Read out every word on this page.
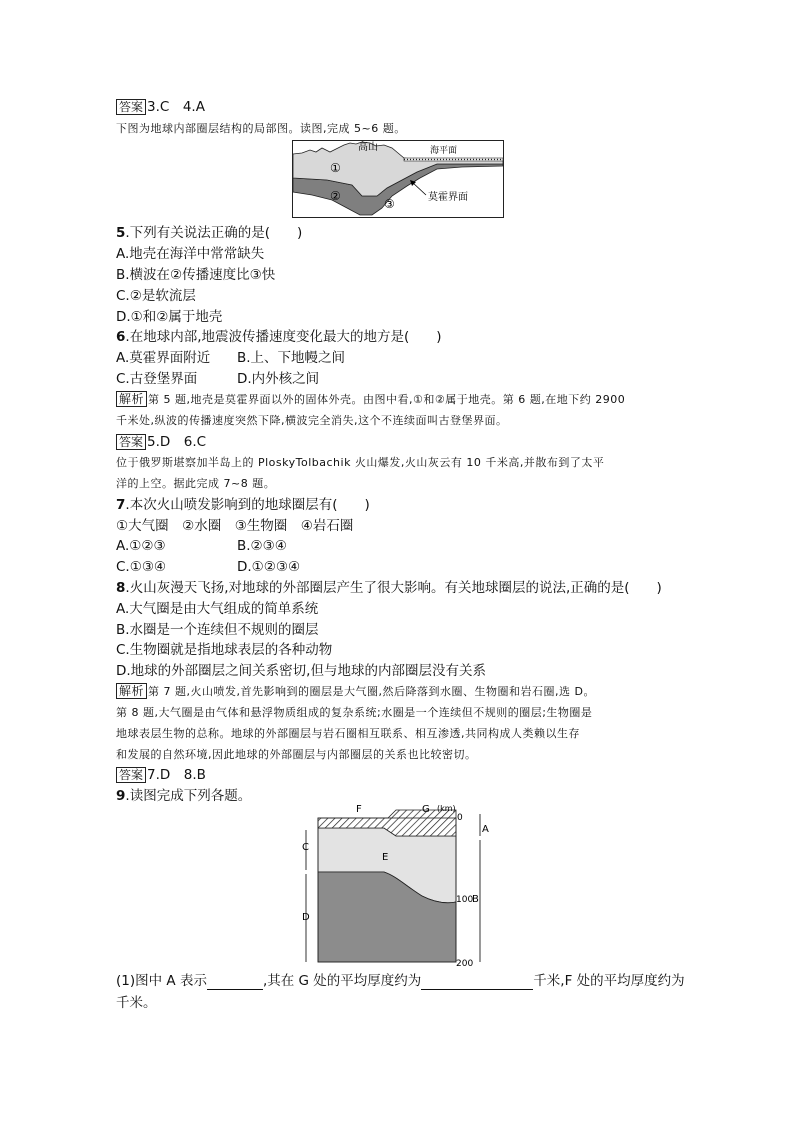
答案 3.C　4.A
下图为地球内部圈层结构的局部图。读图,完成 5~6 题。
高山	海平面
莫霍界面
①
②
③
5.下列有关说法正确的是(　　)
A.地壳在海洋中常常缺失
B.横波在②传播速度比③快
C.②是软流层
D.①和②属于地壳
6.在地球内部,地震波传播速度变化最大的地方是(　　)
A.莫霍界面附近 B.上、下地幔之间
C.古登堡界面	D.内外核之间
解析 第 5 题,地壳是莫霍界面以外的固体外壳。由图中看,①和②属于地壳。第 6 题,在地下约 2900
千米处,纵波的传播速度突然下降,横波完全消失,这个不连续面叫古登堡界面。
答案 5.D　6.C
位于俄罗斯堪察加半岛上的 PloskyTolbachik 火山爆发,火山灰云有 10 千米高,并散布到了太平
洋的上空。据此完成 7~8 题。
7.本次火山喷发影响到的地球圈层有(　　)
①大气圈　②水圈　③生物圈　④岩石圈
A.①②③	B.②③④
C.①③④	D.①②③④
8.火山灰漫天飞扬,对地球的外部圈层产生了很大影响。有关地球圈层的说法,正确的是(　　)
A.大气圈是由大气组成的简单系统
B.水圈是一个连续但不规则的圈层
C.生物圈就是指地球表层的各种动物
D.地球的外部圈层之间关系密切,但与地球的内部圈层没有关系
解析 第 7 题,火山喷发,首先影响到的圈层是大气圈,然后降落到水圈、生物圈和岩石圈,选 D。
第 8 题,大气圈是由气体和悬浮物质组成的复杂系统;水圈是一个连续但不规则的圈层;生物圈是
地球表层生物的总称。地球的外部圈层与岩石圈相互联系、相互渗透,共同构成人类赖以生存
和发展的自然环境,因此地球的外部圈层与内部圈层的关系也比较密切。
答案 7.D　8.B
9.读图完成下列各题。
F	G (km)
0
100
200
A
B
C
D
E
(1)图中 A 表示	,其在 G 处的平均厚度约为	千米,F 处的平均厚度约为
千米。
